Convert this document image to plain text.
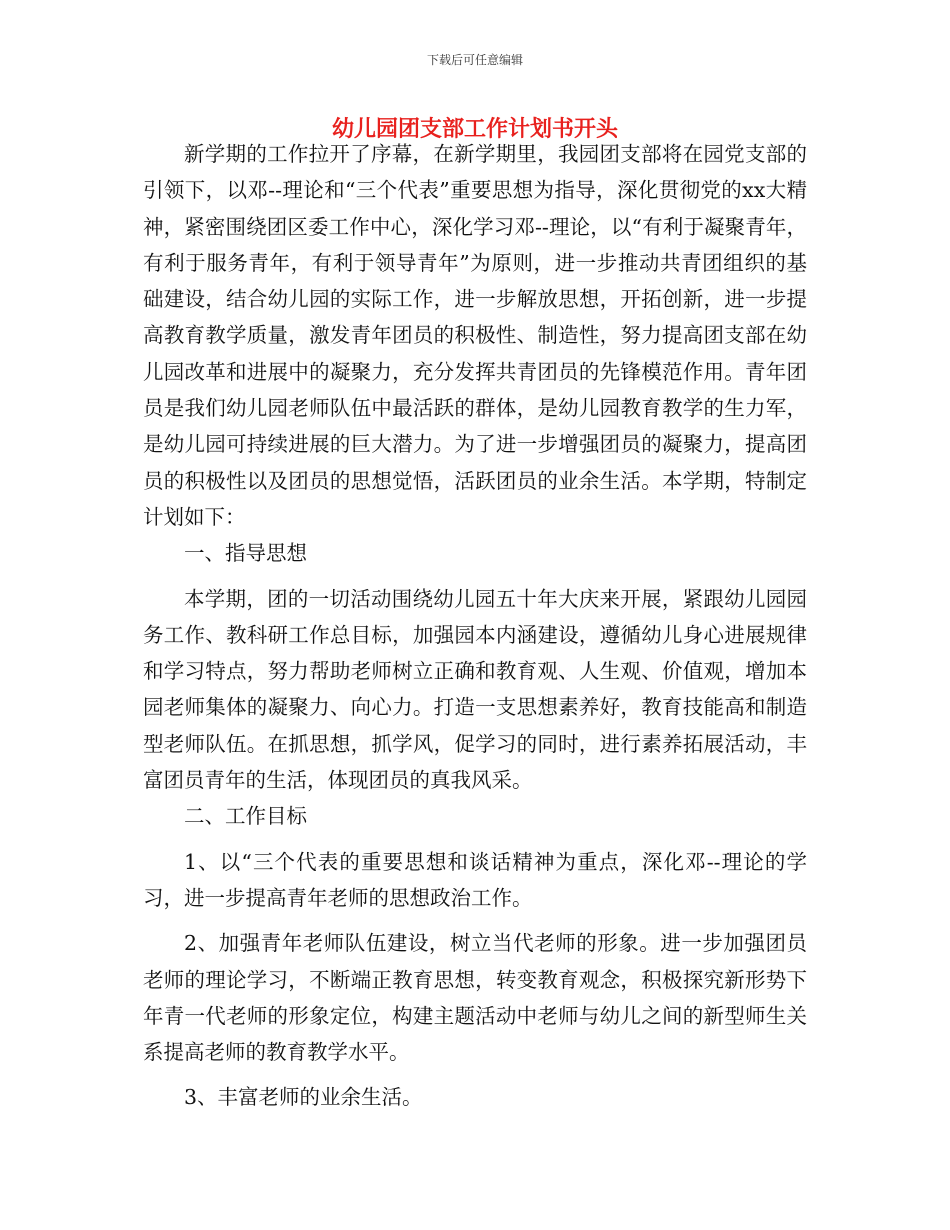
下载后可任意编辑
幼儿园团支部工作计划书开头

新学期的工作拉开了序幕，在新学期里，我园团支部将在园党支部的引领下，以邓--理论和“三个代表”重要思想为指导，深化贯彻党的xx大精神，紧密围绕团区委工作中心，深化学习邓--理论，以“有利于凝聚青年，有利于服务青年，有利于领导青年”为原则，进一步推动共青团组织的基础建设，结合幼儿园的实际工作，进一步解放思想，开拓创新，进一步提高教育教学质量，激发青年团员的积极性、制造性，努力提高团支部在幼儿园改革和进展中的凝聚力，充分发挥共青团员的先锋模范作用。青年团员是我们幼儿园老师队伍中最活跃的群体，是幼儿园教育教学的生力军，是幼儿园可持续进展的巨大潜力。为了进一步增强团员的凝聚力，提高团员的积极性以及团员的思想觉悟，活跃团员的业余生活。本学期，特制定计划如下：

一、指导思想

本学期，团的一切活动围绕幼儿园五十年大庆来开展，紧跟幼儿园园务工作、教科研工作总目标，加强园本内涵建设，遵循幼儿身心进展规律和学习特点，努力帮助老师树立正确和教育观、人生观、价值观，增加本园老师集体的凝聚力、向心力。打造一支思想素养好，教育技能高和制造型老师队伍。在抓思想，抓学风，促学习的同时，进行素养拓展活动，丰富团员青年的生活，体现团员的真我风采。

二、工作目标

1、以“三个代表的重要思想和谈话精神为重点，深化邓--理论的学习，进一步提高青年老师的思想政治工作。

2、加强青年老师队伍建设，树立当代老师的形象。进一步加强团员老师的理论学习，不断端正教育思想，转变教育观念，积极探究新形势下年青一代老师的形象定位，构建主题活动中老师与幼儿之间的新型师生关系提高老师的教育教学水平。

3、丰富老师的业余生活。
